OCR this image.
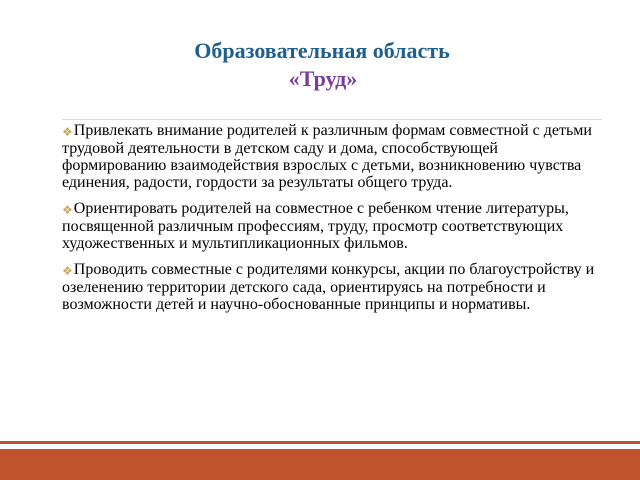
Образовательная область
«Труд»
❖Привлекать внимание родителей к различным формам совместной с детьми трудовой деятельности в детском саду и дома, способствующей формированию взаимодействия взрослых с детьми, возникновению чувства единения, радости, гордости за результаты общего труда.
❖Ориентировать родителей на совместное с ребенком чтение литературы, посвященной различным профессиям, труду, просмотр соответствующих художественных и мультипликационных фильмов.
❖Проводить совместные с родителями конкурсы, акции по благоустройству и озеленению территории детского сада, ориентируясь на потребности и возможности детей и научно-обоснованные принципы и нормативы.
